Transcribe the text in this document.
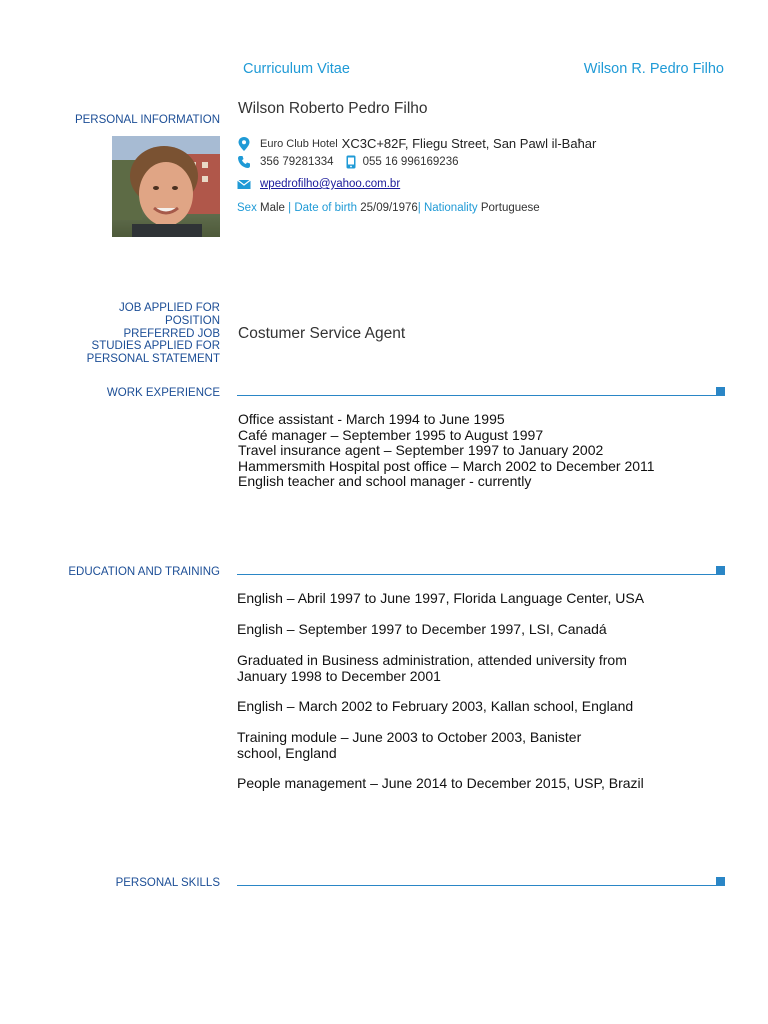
Curriculum Vitae	Wilson R. Pedro Filho
PERSONAL INFORMATION
Wilson Roberto Pedro Filho
Euro Club Hotel XC3C+82F, Fliegu Street, San Pawl il-Baħar
356 79281334	055 16 996169236
wpedrofilho@yahoo.com.br
Sex Male | Date of birth 25/09/1976| Nationality Portuguese
JOB APPLIED FOR
POSITION
PREFERRED JOB
STUDIES APPLIED FOR
PERSONAL STATEMENT
Costumer Service Agent
WORK EXPERIENCE
Office assistant - March 1994 to June 1995
Café manager – September 1995 to August 1997
Travel insurance agent – September 1997 to January 2002
Hammersmith Hospital post office – March 2002 to December 2011
English teacher and school manager - currently
EDUCATION AND TRAINING
English – Abril 1997 to June 1997, Florida Language Center, USA
English – September 1997 to December 1997, LSI, Canadá
Graduated in Business administration, attended university from January 1998 to December 2001
English – March 2002 to February 2003, Kallan school, England
Training module – June 2003 to October 2003, Banister school, England
People management – June 2014 to December 2015, USP, Brazil
PERSONAL SKILLS
